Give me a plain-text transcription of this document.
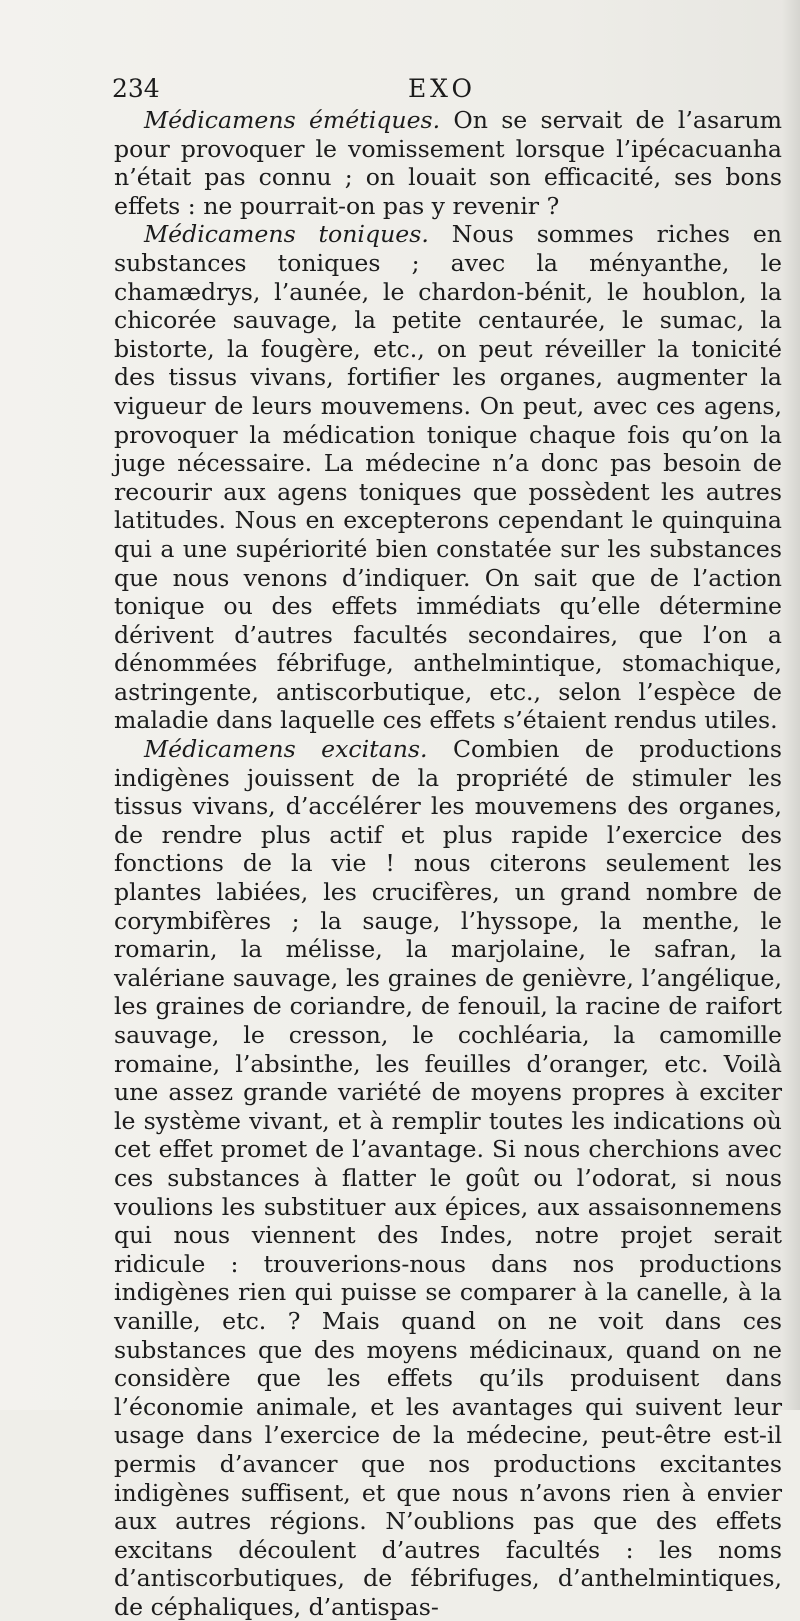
234	EXO

Médicamens émétiques. On se servait de l’asarum pour provoquer le vomissement lorsque l’ipécacuanha n’était pas connu ; on louait son efficacité, ses bons effets : ne pourrait-on pas y revenir ?

Médicamens toniques. Nous sommes riches en substances toniques ; avec la ményanthe, le chamædrys, l’aunée, le chardon-bénit, le houblon, la chicorée sauvage, la petite centaurée, le sumac, la bistorte, la fougère, etc., on peut réveiller la tonicité des tissus vivans, fortifier les organes, augmenter la vigueur de leurs mouvemens. On peut, avec ces agens, provoquer la médication tonique chaque fois qu’on la juge nécessaire. La médecine n’a donc pas besoin de recourir aux agens toniques que possèdent les autres latitudes. Nous en excepterons cependant le quinquina qui a une supériorité bien constatée sur les substances que nous venons d’indiquer. On sait que de l’action tonique ou des effets immédiats qu’elle détermine dérivent d’autres facultés secondaires, que l’on a dénommées fébrifuge, anthelmintique, stomachique, astringente, antiscorbutique, etc., selon l’espèce de maladie dans laquelle ces effets s’étaient rendus utiles.

Médicamens excitans. Combien de productions indigènes jouissent de la propriété de stimuler les tissus vivans, d’accélérer les mouvemens des organes, de rendre plus actif et plus rapide l’exercice des fonctions de la vie ! nous citerons seulement les plantes labiées, les crucifères, un grand nombre de corymbifères ; la sauge, l’hyssope, la menthe, le romarin, la mélisse, la marjolaine, le safran, la valériane sauvage, les graines de genièvre, l’angélique, les graines de coriandre, de fenouil, la racine de raifort sauvage, le cresson, le cochléaria, la camomille romaine, l’absinthe, les feuilles d’oranger, etc. Voilà une assez grande variété de moyens propres à exciter le système vivant, et à remplir toutes les indications où cet effet promet de l’avantage. Si nous cherchions avec ces substances à flatter le goût ou l’odorat, si nous voulions les substituer aux épices, aux assaisonnemens qui nous viennent des Indes, notre projet serait ridicule : trouverions-nous dans nos productions indigènes rien qui puisse se comparer à la canelle, à la vanille, etc. ? Mais quand on ne voit dans ces substances que des moyens médicinaux, quand on ne considère que les effets qu’ils produisent dans l’économie animale, et les avantages qui suivent leur usage dans l’exercice de la médecine, peut-être est-il permis d’avancer que nos productions excitantes indigènes suffisent, et que nous n’avons rien à envier aux autres régions. N’oublions pas que des effets excitans découlent d’autres facultés : les noms d’antiscorbutiques, de fébrifuges, d’anthelmintiques, de céphaliques, d’antispas-
